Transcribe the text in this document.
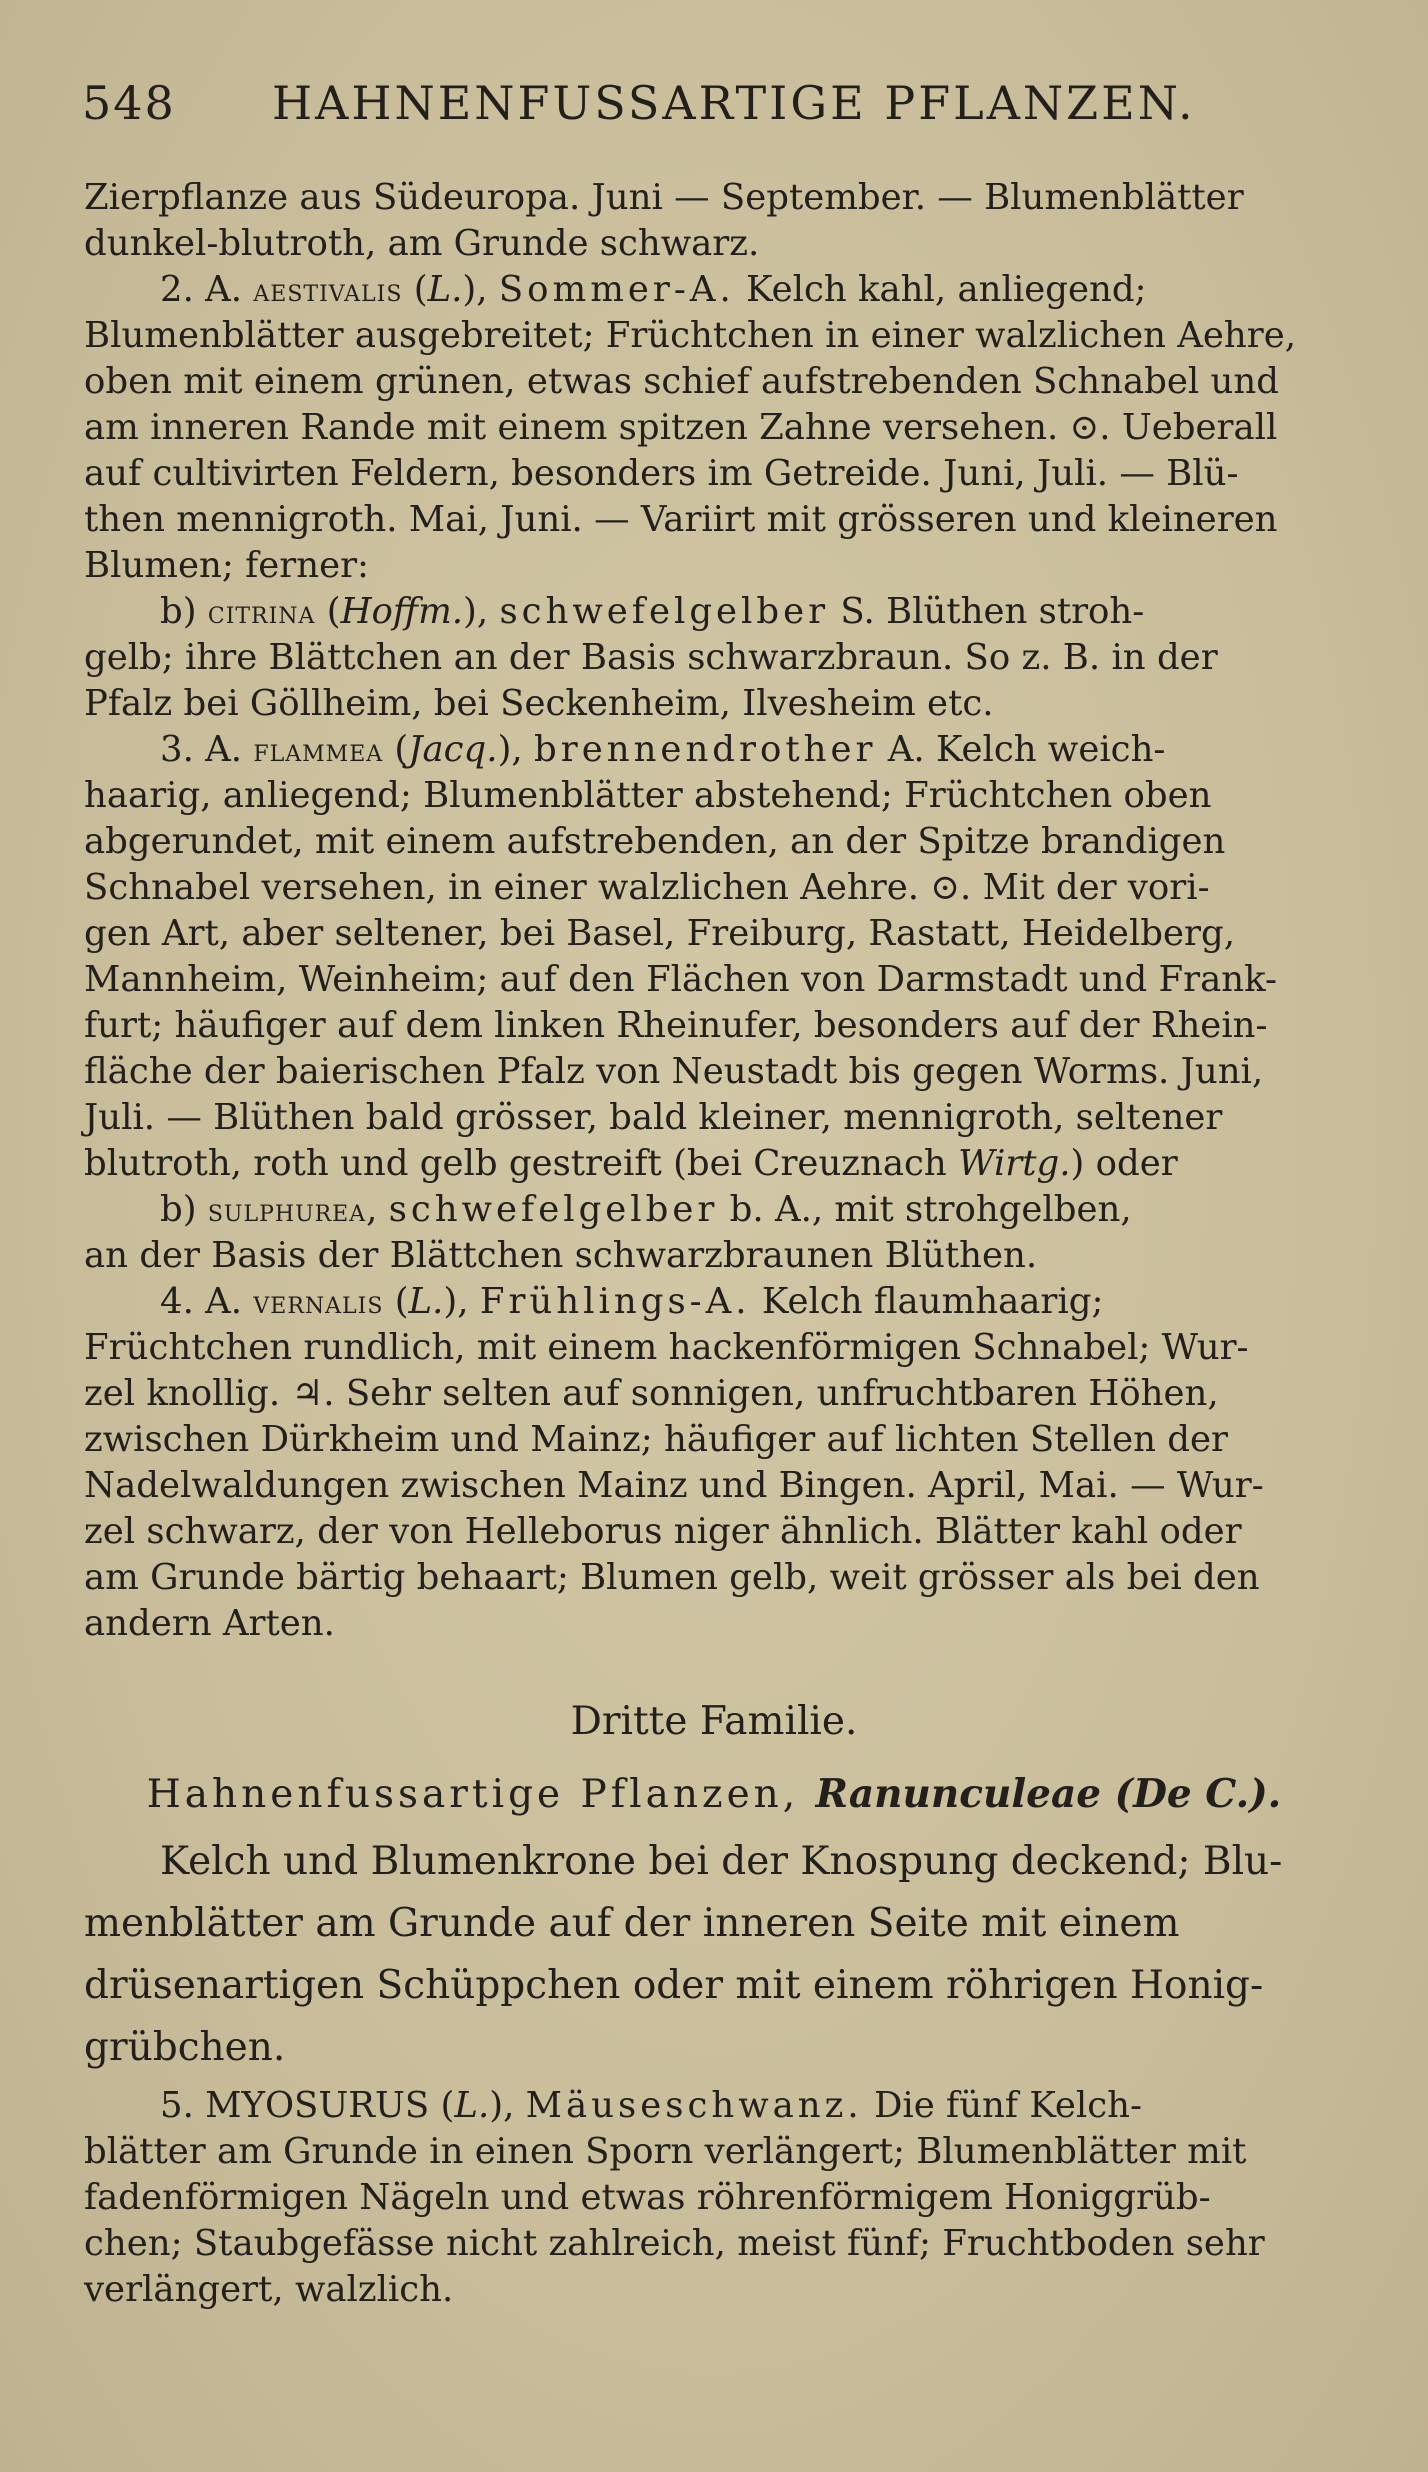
548 HAHNENFUSSARTIGE PFLANZEN.
Zierpflanze aus Südeuropa. Juni — September. — Blumenblätter
dunkel-blutroth, am Grunde schwarz.
2. A. aestivalis (L.), Sommer-A. Kelch kahl, anliegend;
Blumenblätter ausgebreitet; Früchtchen in einer walzlichen Aehre,
oben mit einem grünen, etwas schief aufstrebenden Schnabel und
am inneren Rande mit einem spitzen Zahne versehen. ⊙. Ueberall
auf cultivirten Feldern, besonders im Getreide. Juni, Juli. — Blü-
then mennigroth. Mai, Juni. — Variirt mit grösseren und kleineren
Blumen; ferner:
b) citrina (Hoffm.), schwefelgelber S. Blüthen stroh-
gelb; ihre Blättchen an der Basis schwarzbraun. So z. B. in der
Pfalz bei Göllheim, bei Seckenheim, Ilvesheim etc.
3. A. flammea (Jacq.), brennendrother A. Kelch weich-
haarig, anliegend; Blumenblätter abstehend; Früchtchen oben
abgerundet, mit einem aufstrebenden, an der Spitze brandigen
Schnabel versehen, in einer walzlichen Aehre. ⊙. Mit der vori-
gen Art, aber seltener, bei Basel, Freiburg, Rastatt, Heidelberg,
Mannheim, Weinheim; auf den Flächen von Darmstadt und Frank-
furt; häufiger auf dem linken Rheinufer, besonders auf der Rhein-
fläche der baierischen Pfalz von Neustadt bis gegen Worms. Juni,
Juli. — Blüthen bald grösser, bald kleiner, mennigroth, seltener
blutroth, roth und gelb gestreift (bei Creuznach Wirtg.) oder
b) sulphurea, schwefelgelber b. A., mit strohgelben,
an der Basis der Blättchen schwarzbraunen Blüthen.
4. A. vernalis (L.), Frühlings-A. Kelch flaumhaarig;
Früchtchen rundlich, mit einem hackenförmigen Schnabel; Wur-
zel knollig. ♃. Sehr selten auf sonnigen, unfruchtbaren Höhen,
zwischen Dürkheim und Mainz; häufiger auf lichten Stellen der
Nadelwaldungen zwischen Mainz und Bingen. April, Mai. — Wur-
zel schwarz, der von Helleborus niger ähnlich. Blätter kahl oder
am Grunde bärtig behaart; Blumen gelb, weit grösser als bei den
andern Arten.
Dritte Familie.
Hahnenfussartige Pflanzen, Ranunculeae (De C.).
Kelch und Blumenkrone bei der Knospung deckend; Blu-
menblätter am Grunde auf der inneren Seite mit einem
drüsenartigen Schüppchen oder mit einem röhrigen Honig-
grübchen.
5. MYOSURUS (L.), Mäuseschwanz. Die fünf Kelch-
blätter am Grunde in einen Sporn verlängert; Blumenblätter mit
fadenförmigen Nägeln und etwas röhrenförmigem Honiggrüb-
chen; Staubgefässe nicht zahlreich, meist fünf; Fruchtboden sehr
verlängert, walzlich.
